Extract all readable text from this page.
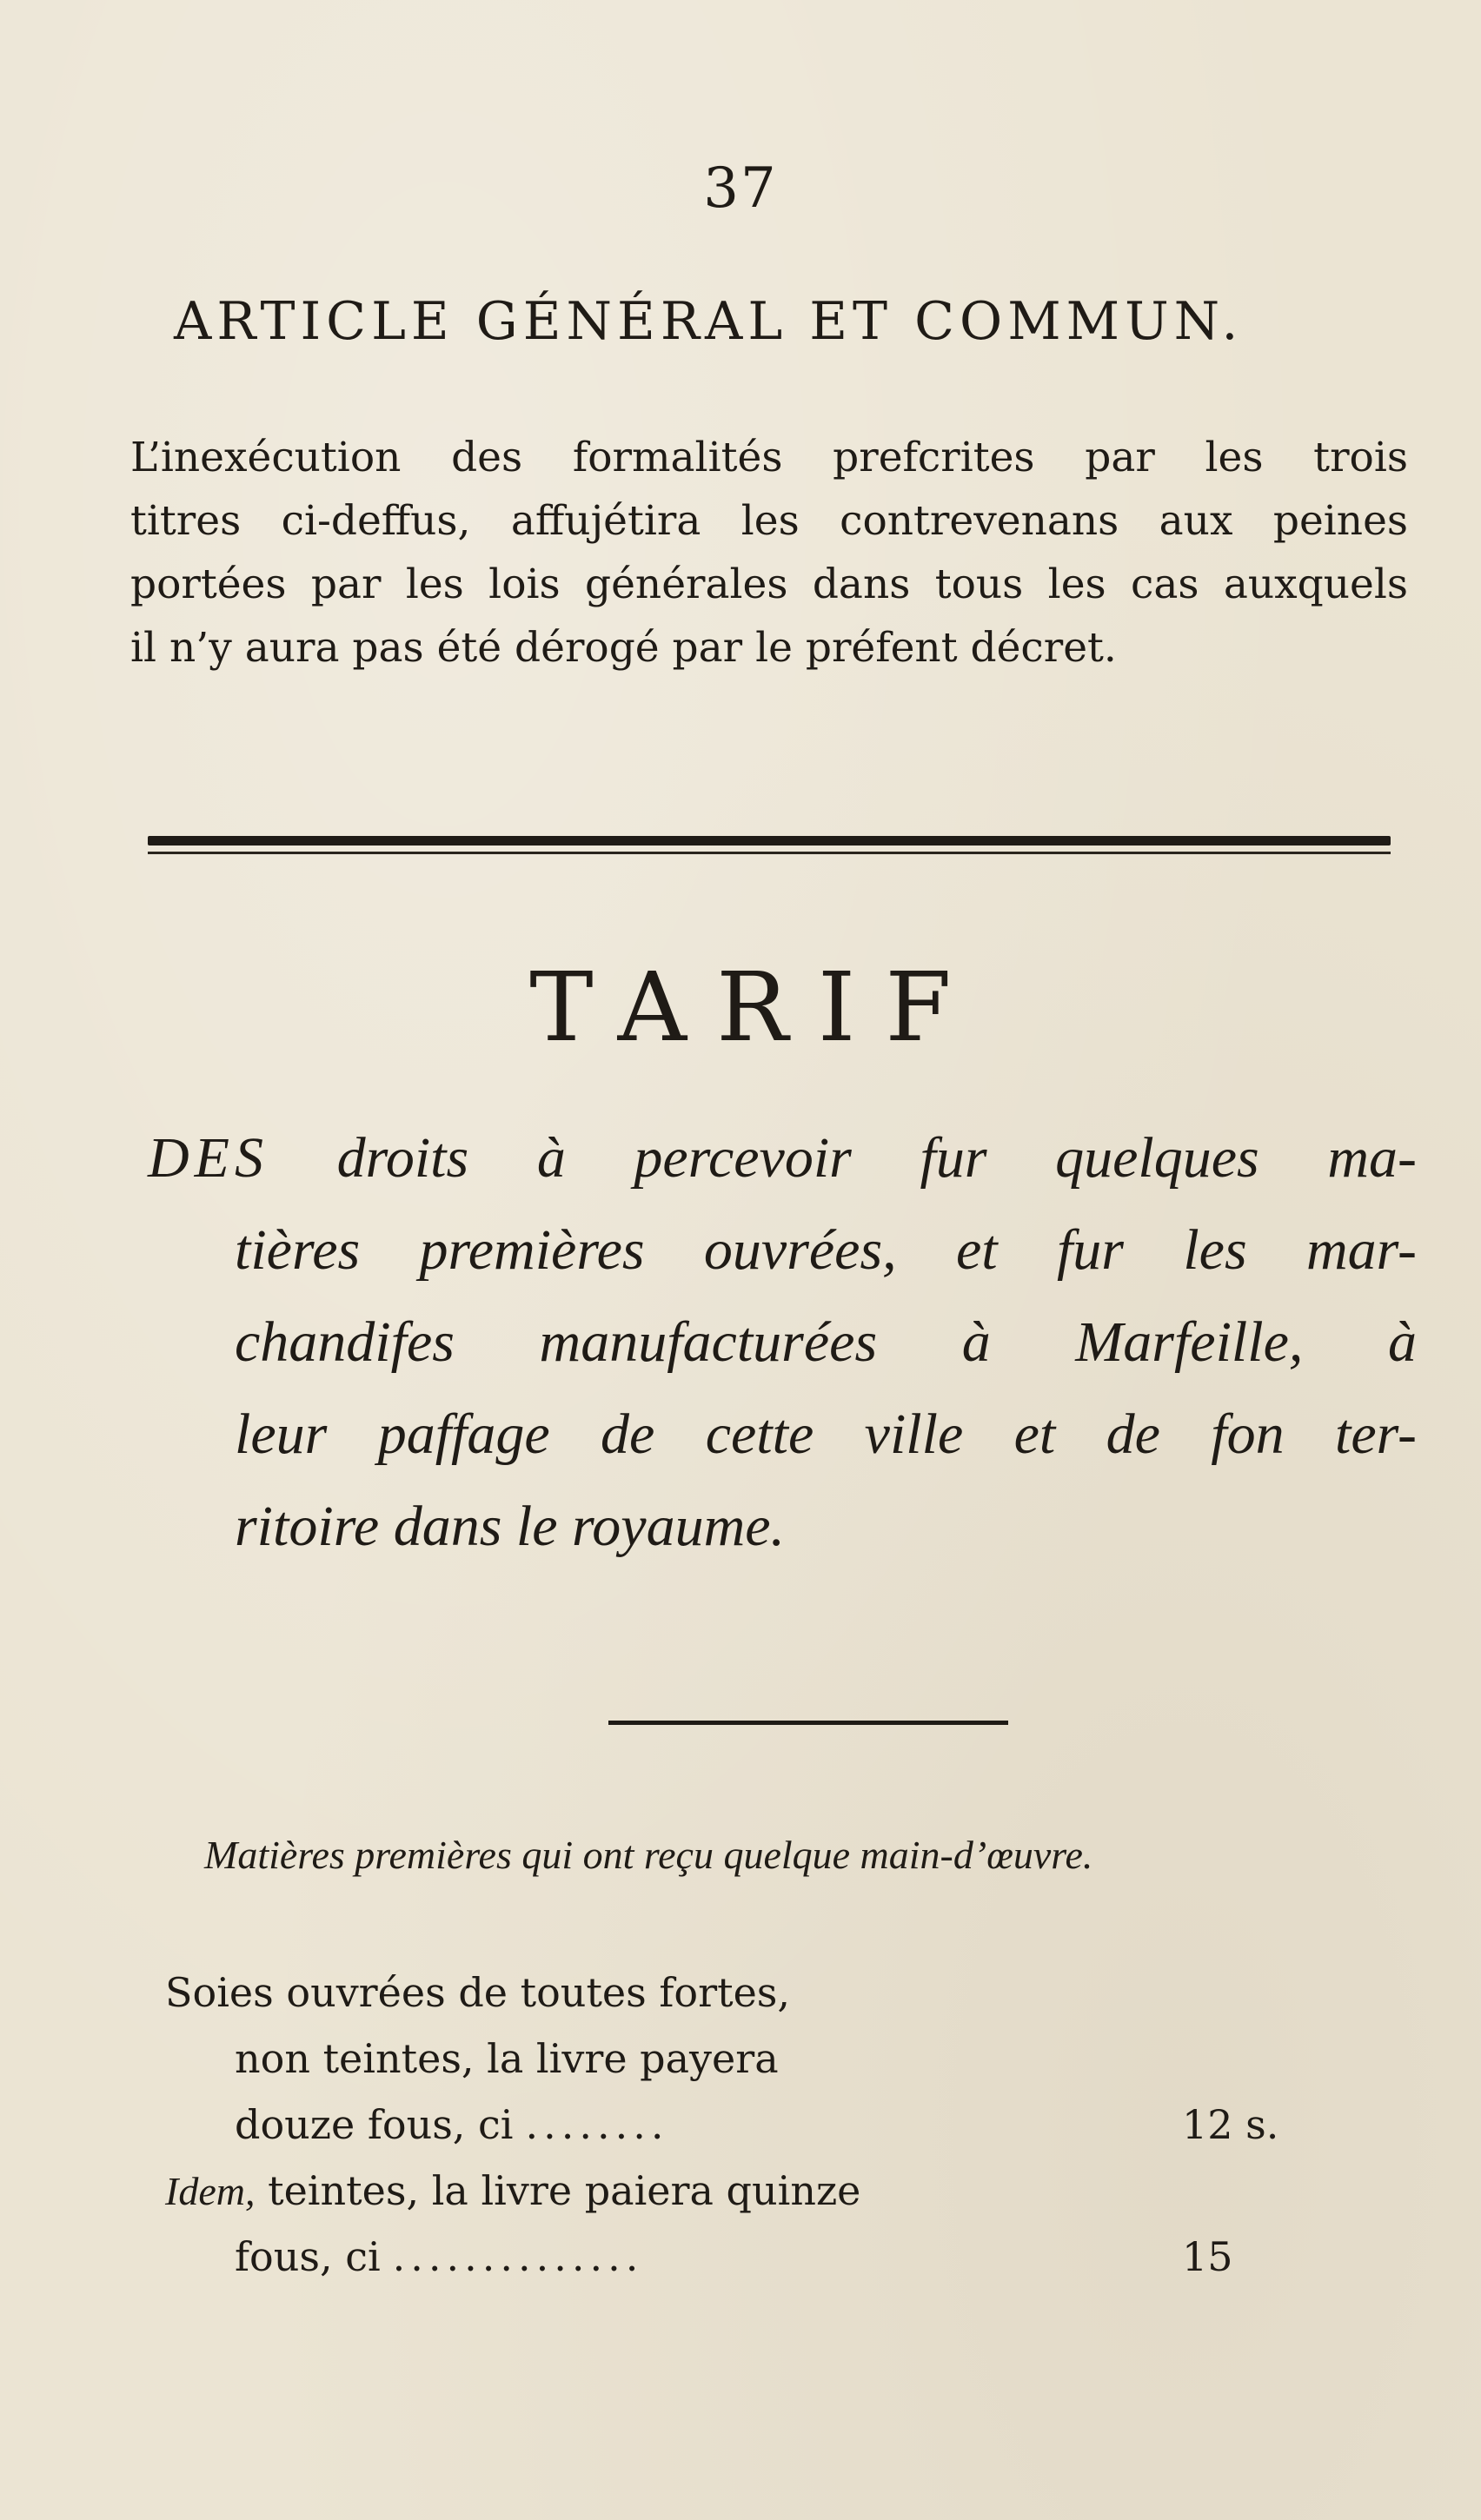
37
ARTICLE GÉNÉRAL ET COMMUN.
L’inexécution des formalités prefcrites par les trois
titres ci-deffus, affujétira les contrevenans aux peines
portées par les lois générales dans tous les cas auxquels
il n’y aura pas été dérogé par le préfent décret.
TARIF
DES droits à percevoir fur quelques ma-
tières premières ouvrées, et fur les mar-
chandifes manufacturées à Marfeille, à
leur paffage de cette ville et de fon ter-
ritoire dans le royaume.
Matières premières qui ont reçu quelque main-d’œuvre.
Soies ouvrées de toutes fortes,
non teintes, la livre payera
douze fous, ci ........	12 s.
Idem, teintes, la livre paiera quinze
fous, ci ..............	15
